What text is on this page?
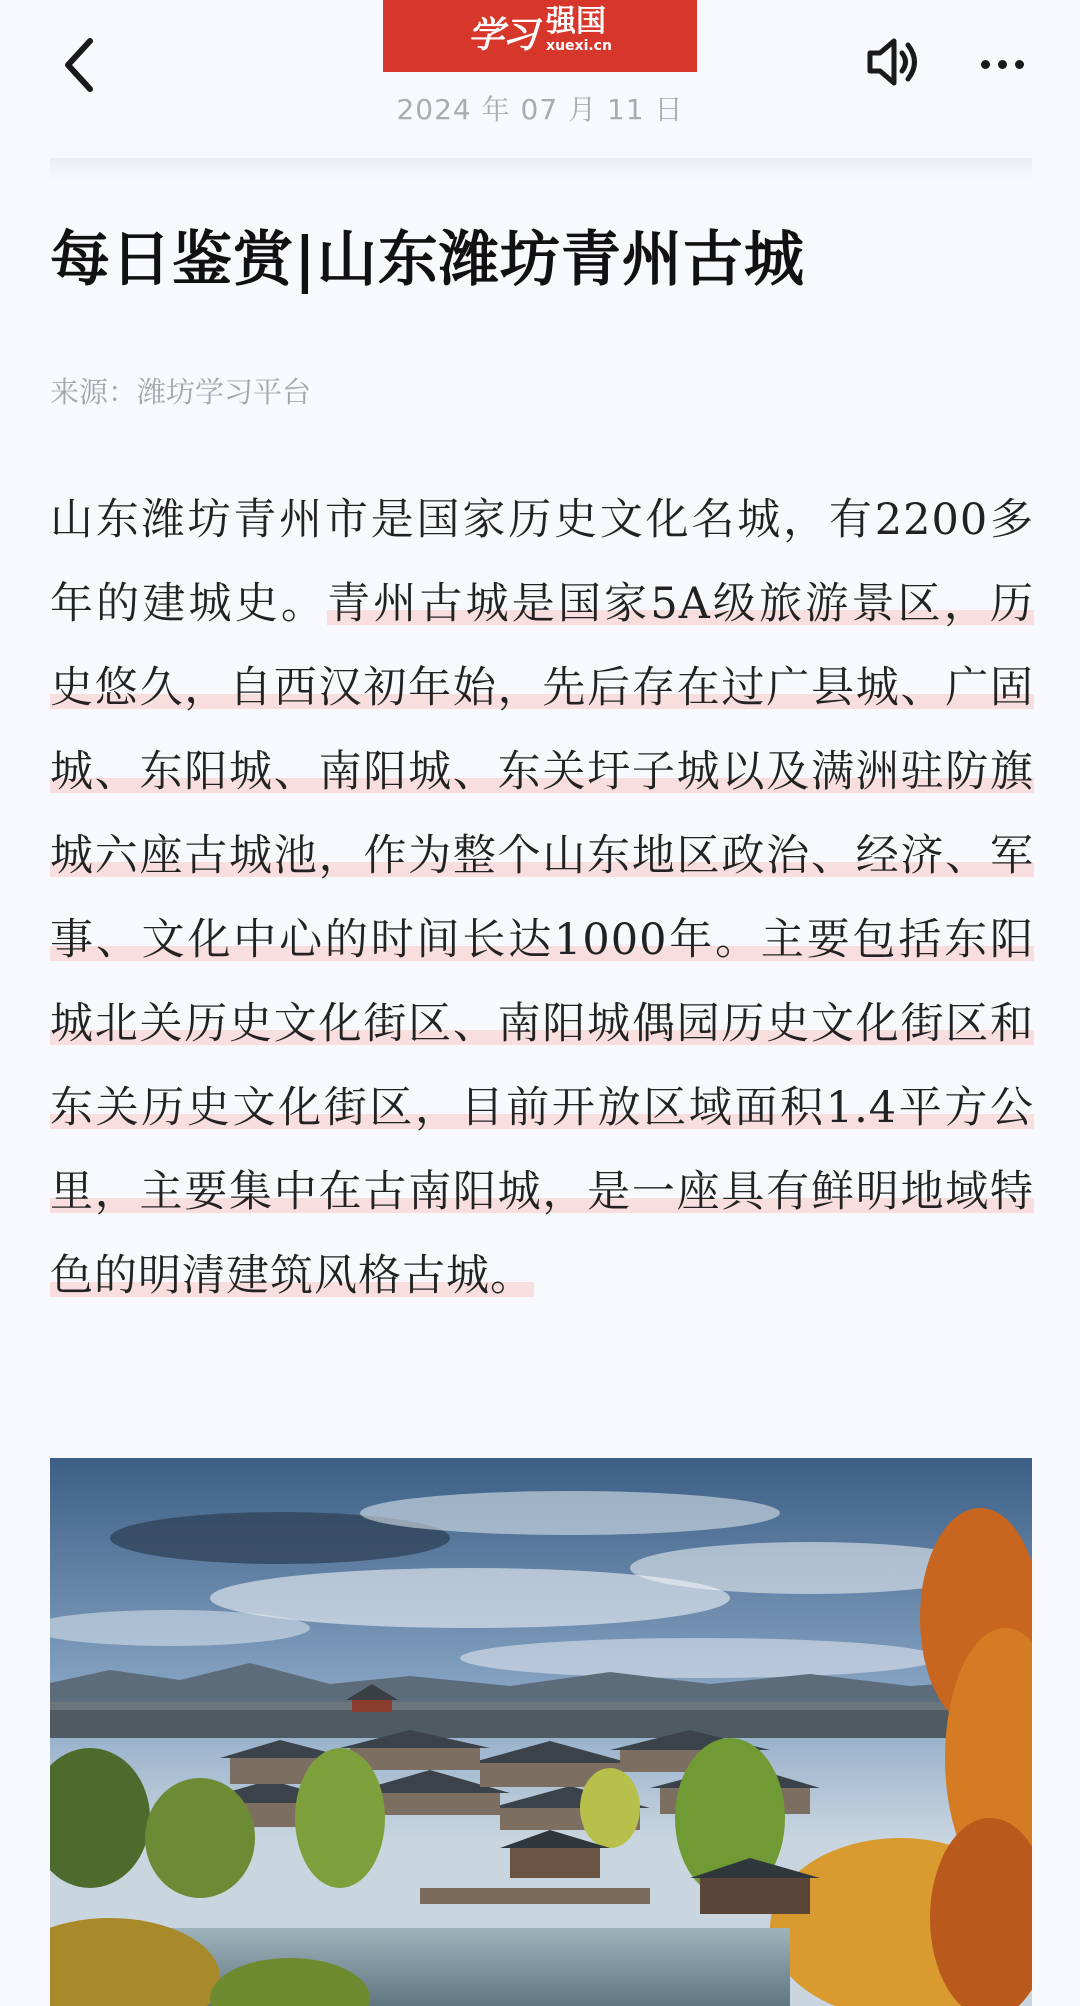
学习 强国
xuexi.cn
2024 年 07 月 11 日
每日鉴赏|山东潍坊青州古城
来源：潍坊学习平台
山东潍坊青州市是国家历史文化名城，有2200多年的建城史。青州古城是国家5A级旅游景区，历史悠久，自西汉初年始，先后存在过广县城、广固城、东阳城、南阳城、东关圩子城以及满洲驻防旗城六座古城池，作为整个山东地区政治、经济、军事、文化中心的时间长达1000年。主要包括东阳城北关历史文化街区、南阳城偶园历史文化街区和东关历史文化街区，目前开放区域面积1.4平方公里，主要集中在古南阳城，是一座具有鲜明地域特色的明清建筑风格古城。
